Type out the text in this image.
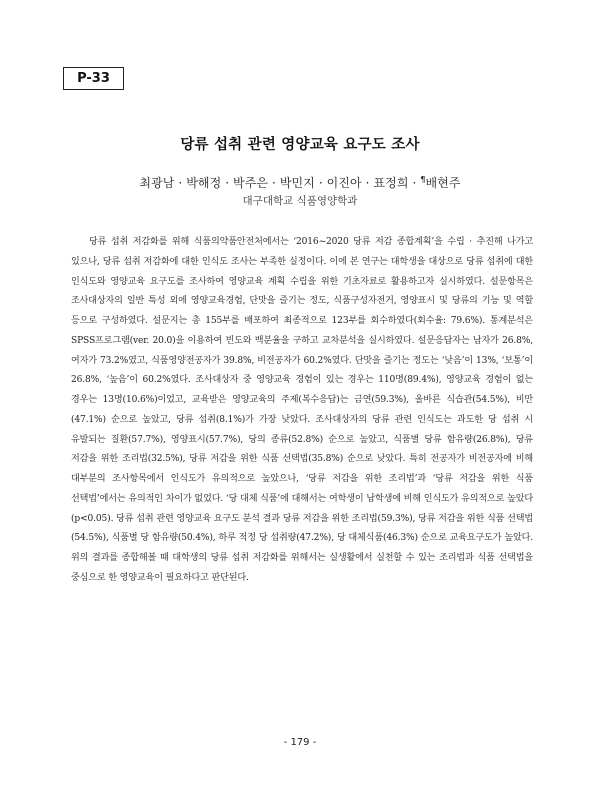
P-33
당류 섭취 관련 영양교육 요구도 조사
최광남 · 박해정 · 박주은 · 박민지 · 이진아 · 표정희 · ¶배현주
대구대학교 식품영양학과

당류 섭취 저감화를 위해 식품의약품안전처에서는 ‘2016~2020 당류 저감 종합계획’을 수립 · 추진해 나가고 있으나, 당류 섭취 저감화에 대한 인식도 조사는 부족한 실정이다. 이에 본 연구는 대학생을 대상으로 당류 섭취에 대한 인식도와 영양교육 요구도를 조사하여 영양교육 계획 수립을 위한 기초자료로 활용하고자 실시하였다. 설문항목은 조사대상자의 일반 특성 외에 영양교육경험, 단맛을 즐기는 정도, 식품구성자전거, 영양표시 및 당류의 기능 및 역할 등으로 구성하였다. 설문지는 총 155부를 배포하여 최종적으로 123부를 회수하였다(회수율: 79.6%). 통계분석은 SPSS프로그램(ver. 20.0)을 이용하여 빈도와 백분율을 구하고 교차분석을 실시하였다. 설문응답자는 남자가 26.8%, 여자가 73.2%였고, 식품영양전공자가 39.8%, 비전공자가 60.2%였다. 단맛을 즐기는 정도는 ‘낮음’이 13%, ‘보통’이 26.8%, ‘높음’이 60.2%였다. 조사대상자 중 영양교육 경험이 있는 경우는 110명(89.4%), 영양교육 경험이 없는 경우는 13명(10.6%)이었고, 교육받은 영양교육의 주제(복수응답)는 금연(59.3%), 올바른 식습관(54.5%), 비만(47.1%) 순으로 높았고, 당류 섭취(8.1%)가 가장 낮았다. 조사대상자의 당류 관련 인식도는 과도한 당 섭취 시 유발되는 질환(57.7%), 영양표시(57.7%), 당의 종류(52.8%) 순으로 높았고, 식품별 당류 함유량(26.8%), 당류 저감을 위한 조리법(32.5%), 당류 저감을 위한 식품 선택법(35.8%) 순으로 낮았다. 특히 전공자가 비전공자에 비해 대부분의 조사항목에서 인식도가 유의적으로 높았으나, ‘당류 저감을 위한 조리법’과 ‘당류 저감을 위한 식품 선택법’에서는 유의적인 차이가 없었다. ‘당 대체 식품’에 대해서는 여학생이 남학생에 비해 인식도가 유의적으로 높았다(p<0.05). 당류 섭취 관련 영양교육 요구도 분석 결과 당류 저감을 위한 조리법(59.3%), 당류 저감을 위한 식품 선택법(54.5%), 식품별 당 함유량(50.4%), 하루 적정 당 섭취량(47.2%), 당 대체식품(46.3%) 순으로 교육요구도가 높았다. 위의 결과를 종합해볼 때 대학생의 당류 섭취 저감화를 위해서는 실생활에서 실천할 수 있는 조리법과 식품 선택법을 중심으로 한 영양교육이 필요하다고 판단된다.

- 179 -
